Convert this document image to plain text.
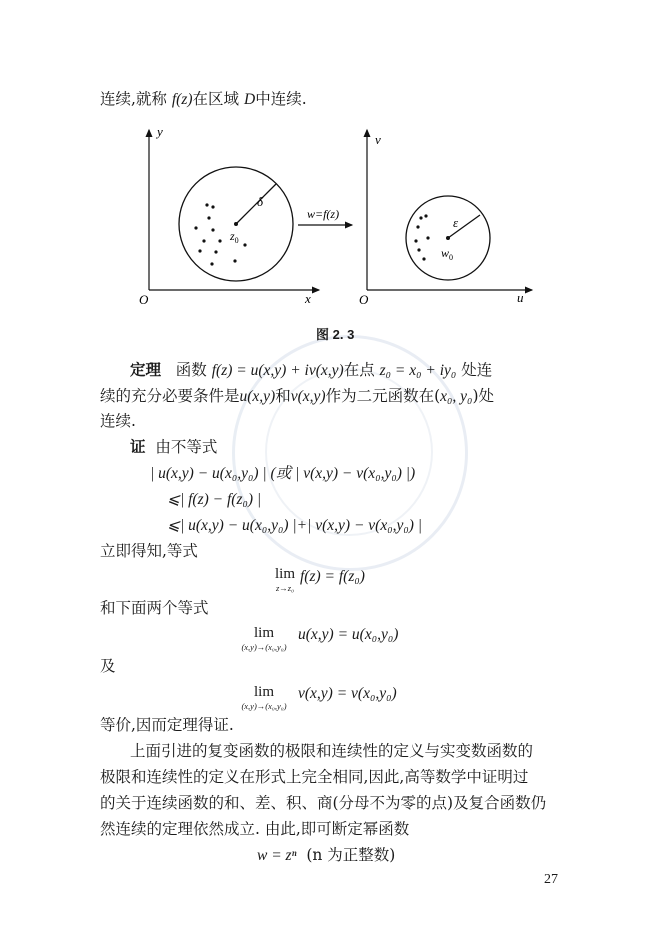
连续,就称 f(z)在区域 D中连续.
y
x
O
δ
$z_0$
w=f(z)
v
u
O
ε
$w_0$
图 2. 3
定理 函数 f(z) = u(x,y) + iv(x,y)在点 z₀ = x₀ + iy₀ 处连
续的充分必要条件是u(x,y)和v(x,y)作为二元函数在(x₀, y₀)处
连续.
证 由不等式
| u(x,y) − u(x₀,y₀) | (或 | v(x,y) − v(x₀,y₀) |)
⩽| f(z) − f(z₀) |
⩽| u(x,y) − u(x₀,y₀) |+| v(x,y) − v(x₀,y₀) |
立即得知,等式
lim
z→z₀
f(z) = f(z₀)
和下面两个等式
lim
(x,y)→(x₀,y₀)
u(x,y) = u(x₀,y₀)
及
lim
(x,y)→(x₀,y₀)
v(x,y) = v(x₀,y₀)
等价,因而定理得证.
上面引进的复变函数的极限和连续性的定义与实变数函数的
极限和连续性的定义在形式上完全相同,因此,高等数学中证明过
的关于连续函数的和、差、积、商(分母不为零的点)及复合函数仍
然连续的定理依然成立. 由此,即可断定幂函数
w = zⁿ (n 为正整数)
27
